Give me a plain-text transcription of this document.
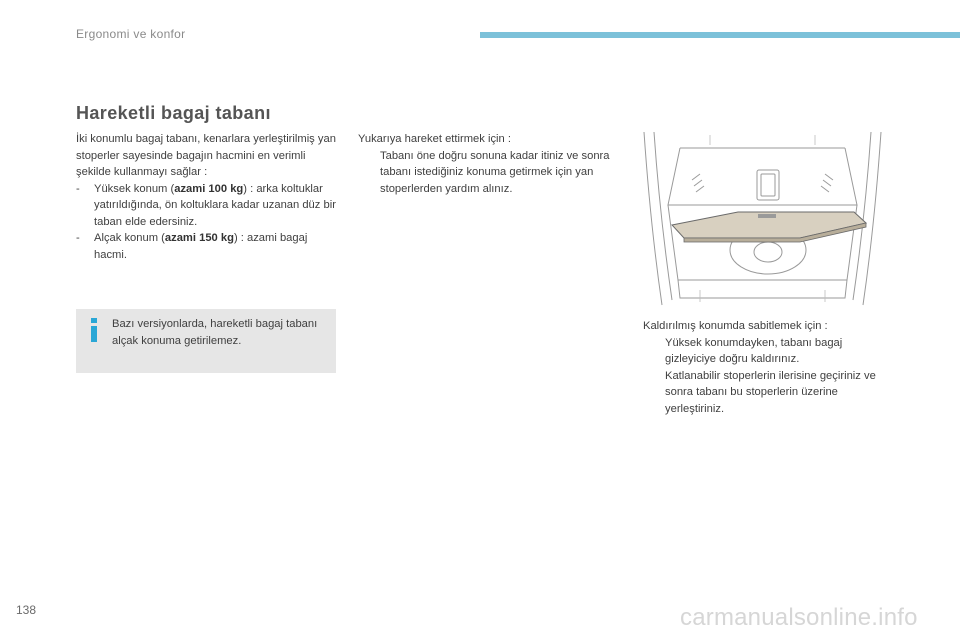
Ergonomi ve konfor
Hareketli bagaj tabanı

İki konumlu bagaj tabanı, kenarlara yerleştirilmiş yan stoperler sayesinde bagajın hacmini en verimli şekilde kullanmayı sağlar :

- Yüksek konum (azami 100 kg) : arka koltuklar yatırıldığında, ön koltuklara kadar uzanan düz bir taban elde edersiniz.
- Alçak konum (azami 150 kg) : azami bagaj hacmi.
Bazı versiyonlarda, hareketli bagaj tabanı alçak konuma getirilemez.

Yukarıya hareket ettirmek için :

Tabanı öne doğru sonuna kadar itiniz ve sonra tabanı istediğiniz konuma getirmek için yan stoperlerden yardım alınız.

Kaldırılmış konumda sabitlemek için :

Yüksek konumdayken, tabanı bagaj gizleyiciye doğru kaldırınız.
Katlanabilir stoperlerin ilerisine geçiriniz ve sonra tabanı bu stoperlerin üzerine yerleştiriniz.
138	carmanualsonline.info
